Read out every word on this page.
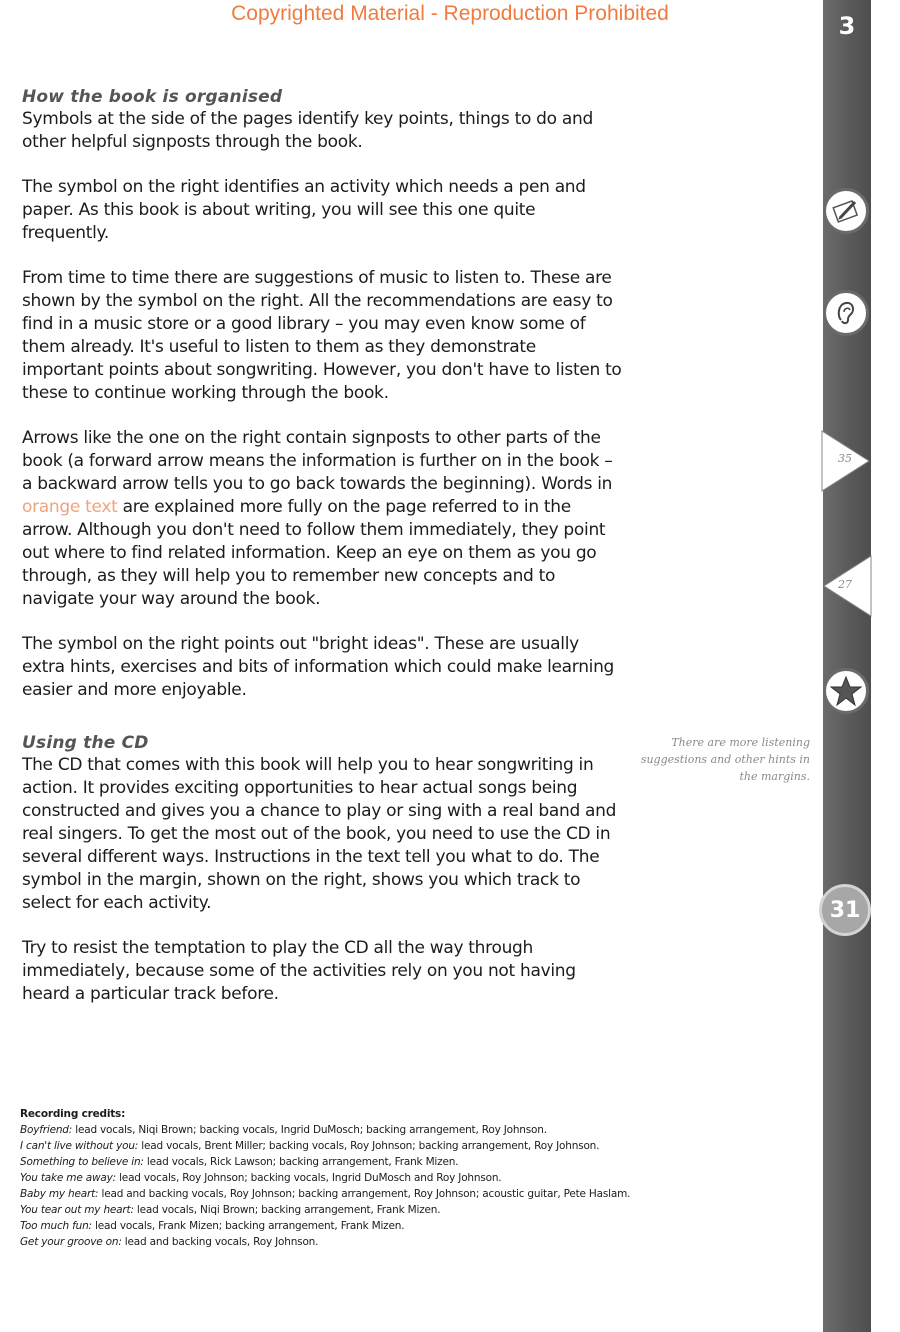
Copyrighted Material - Reproduction Prohibited	3
How the book is organised

Symbols at the side of the pages identify key points, things to do and other helpful signposts through the book.

The symbol on the right identifies an activity which needs a pen and paper. As this book is about writing, you will see this one quite frequently.

From time to time there are suggestions of music to listen to. These are shown by the symbol on the right. All the recommendations are easy to find in a music store or a good library – you may even know some of them already. It's useful to listen to them as they demonstrate important points about songwriting. However, you don't have to listen to these to continue working through the book.

Arrows like the one on the right contain signposts to other parts of the book (a forward arrow means the information is further on in the book – a backward arrow tells you to go back towards the beginning). Words in orange text are explained more fully on the page referred to in the arrow. Although you don't need to follow them immediately, they point out where to find related information. Keep an eye on them as you go through, as they will help you to remember new concepts and to navigate your way around the book.

The symbol on the right points out "bright ideas". These are usually extra hints, exercises and bits of information which could make learning easier and more enjoyable.

Using the CD

The CD that comes with this book will help you to hear songwriting in action. It provides exciting opportunities to hear actual songs being constructed and gives you a chance to play or sing with a real band and real singers. To get the most out of the book, you need to use the CD in several different ways. Instructions in the text tell you what to do. The symbol in the margin, shown on the right, shows you which track to select for each activity.

Try to resist the temptation to play the CD all the way through immediately, because some of the activities rely on you not having heard a particular track before.

There are more listening suggestions and other hints in the margins.
35
27
31

Recording credits:

Boyfriend: lead vocals, Niqi Brown; backing vocals, Ingrid DuMosch; backing arrangement, Roy Johnson.

I can't live without you: lead vocals, Brent Miller; backing vocals, Roy Johnson; backing arrangement, Roy Johnson.

Something to believe in: lead vocals, Rick Lawson; backing arrangement, Frank Mizen.

You take me away: lead vocals, Roy Johnson; backing vocals, Ingrid DuMosch and Roy Johnson.

Baby my heart: lead and backing vocals, Roy Johnson; backing arrangement, Roy Johnson; acoustic guitar, Pete Haslam.

You tear out my heart: lead vocals, Niqi Brown; backing arrangement, Frank Mizen.

Too much fun: lead vocals, Frank Mizen; backing arrangement, Frank Mizen.

Get your groove on: lead and backing vocals, Roy Johnson.
